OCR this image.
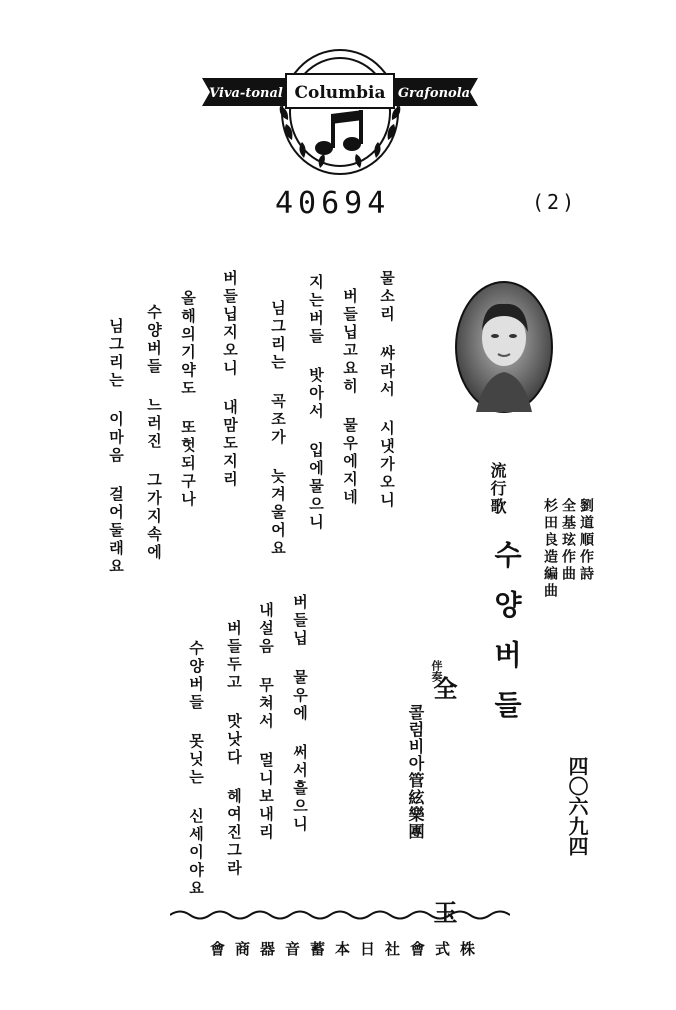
Viva-tonal Columbia Grafonola
40694	(2)
流行歌
수양버들	劉道順作詩
全基玹作曲
杉田良造編曲
全 玉
伴奏
콜럼비아管絃樂團	四〇六九四
물소리 쌰라서 시냇가오니
버들닙고요히 물우에지네
지는버들 밧아서 입에물으니
님그리는 곡조가 늣겨울어요
버들닙지오니 내맘도지리
올해의기약도 또헛되구나
수양버들 느러진 그가지속에
님그리는 이마음 걸어둘래요
버들닙 물우에 써서흘으니
내설음 무쳐서 멀니보내리
버들두고 맛낫다 헤여진그라
수양버들 못닛는 신세이야요
會商器音蓄本日社會式株
